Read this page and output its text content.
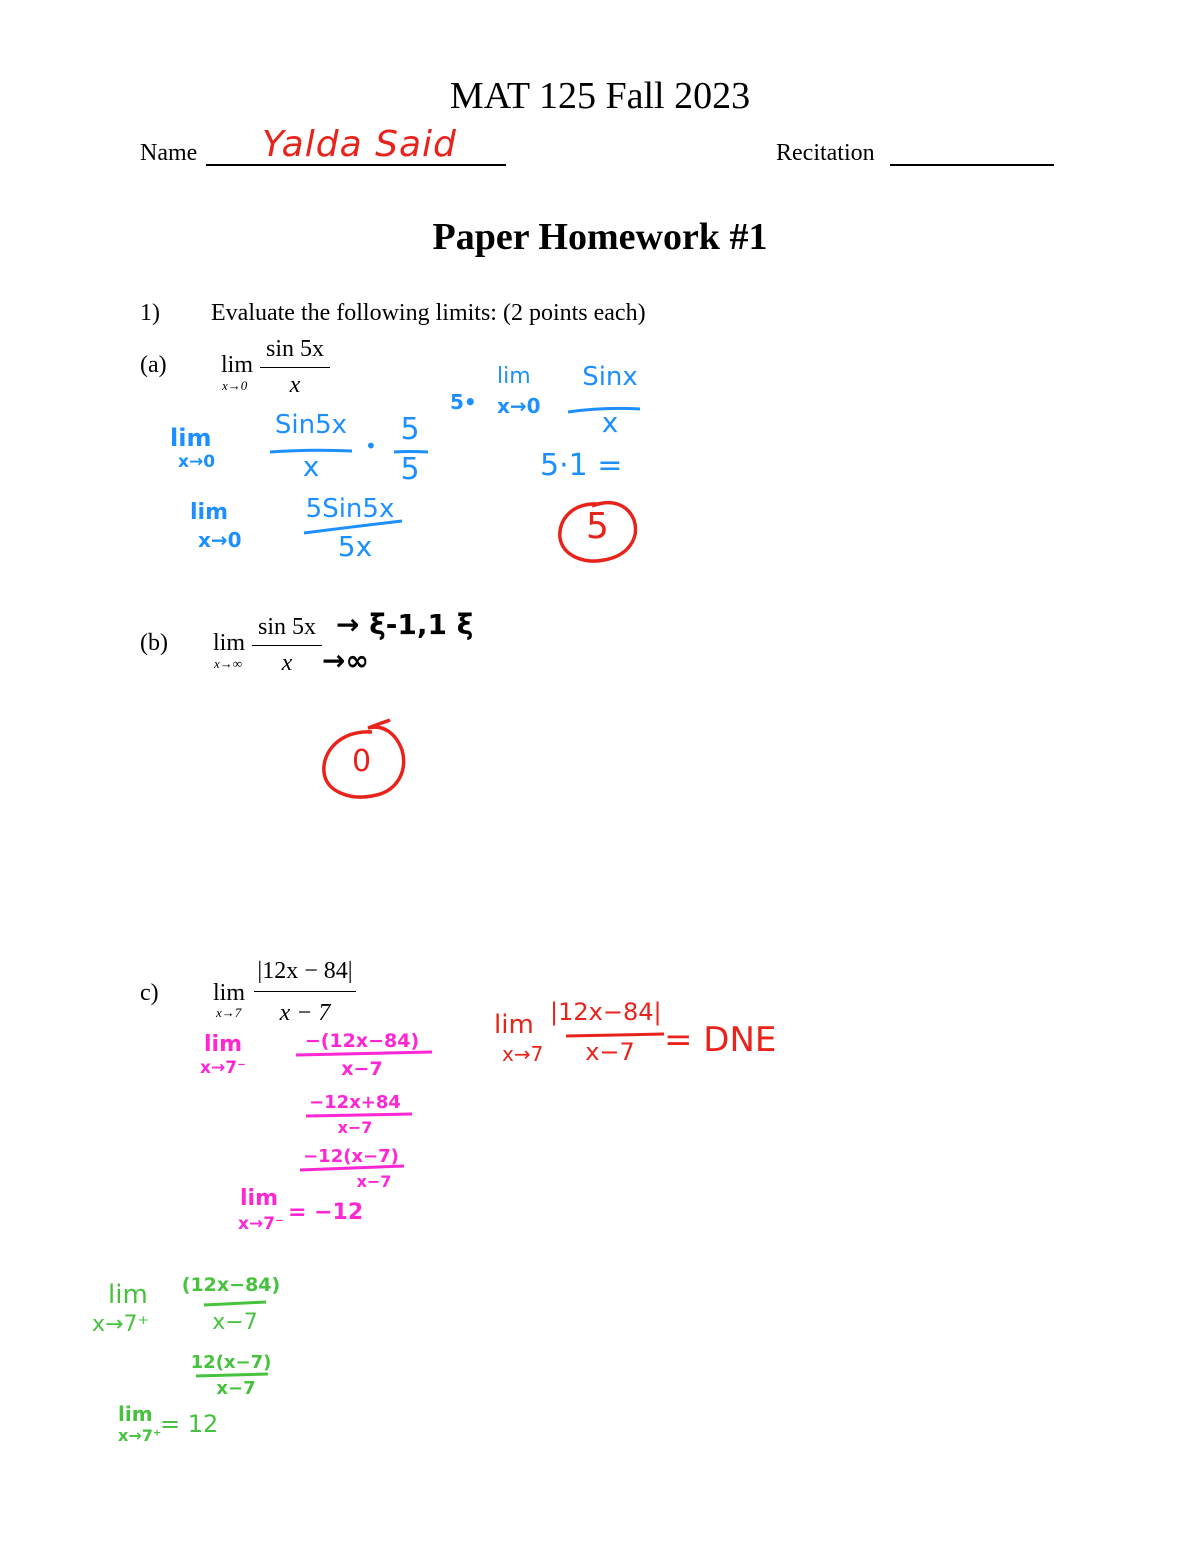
MAT 125 Fall 2023
Name Yalda Said	Recitation
Paper Homework #1
1) Evaluate the following limits: (2 points each)
(a) lim
x→0
sin 5x
x
(b) lim
x→∞
sin 5x
x
c) lim
x→7
|12x − 84|
x − 7
lim
x→0
Sin5x
x
• 5
5
lim
x→0
5Sin5x
5x
5•
lim
x→0
Sinx
x
5·1 =
5
→ ξ-1,1 ξ
→∞
0
lim
x→7
|12x−84|
x−7 = DNE
lim
x→7⁻
−(12x−84)
x−7
−12x+84
x−7
−12(x−7)
x−7
lim
x→7⁻ = −12
lim
x→7⁺
(12x−84)
x−7
12(x−7)
x−7
lim
x→7⁺
= 12
